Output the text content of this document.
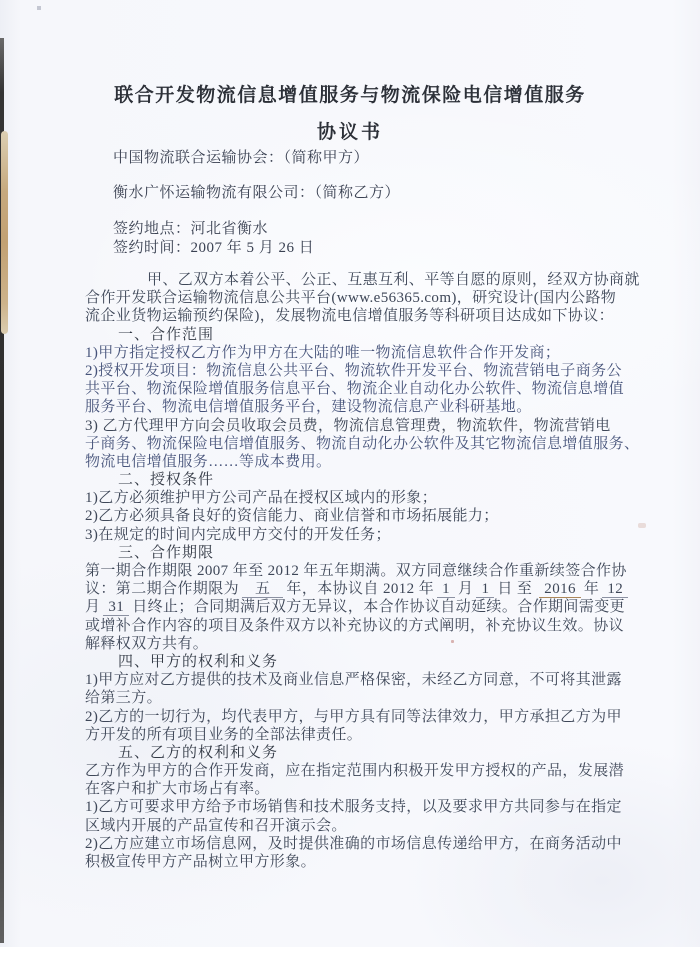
联合开发物流信息增值服务与物流保险电信增值服务
协议书
中国物流联合运输协会：（简称甲方）
衡水广怀运输物流有限公司：（简称乙方）
签约地点：河北省衡水
签约时间：2007 年 5 月 26 日
甲、乙双方本着公平、公正、互惠互利、平等自愿的原则，经双方协商就
合作开发联合运输物流信息公共平台(www.e56365.com)，研究设计(国内公路物
流企业货物运输预约保险)，发展物流电信增值服务等科研项目达成如下协议：
一、合作范围
1)甲方指定授权乙方作为甲方在大陆的唯一物流信息软件合作开发商；
2)授权开发项目：物流信息公共平台、物流软件开发平台、物流营销电子商务公
共平台、物流保险增值服务信息平台、物流企业自动化办公软件、物流信息增值
服务平台、物流电信增值服务平台，建设物流信息产业科研基地。
3) 乙方代理甲方向会员收取会员费，物流信息管理费，物流软件，物流营销电
子商务、物流保险电信增值服务、物流自动化办公软件及其它物流信息增值服务、
物流电信增值服务……等成本费用。
二、授权条件
1)乙方必须维护甲方公司产品在授权区域内的形象；
2)乙方必须具备良好的资信能力、商业信誉和市场拓展能力；
3)在规定的时间内完成甲方交付的开发任务；
三、合作期限
第一期合作期限 2007 年至 2012 年五年期满。双方同意继续合作重新续签合作协
议：第二期合作期限为 五 年，本协议自 2012 年 1 月 1 日 至 2016 年 12
月 31 日终止；合同期满后双方无异议，本合作协议自动延续。合作期间需变更
或增补合作内容的项目及条件双方以补充协议的方式阐明，补充协议生效。协议
解释权双方共有。
四、甲方的权利和义务
1)甲方应对乙方提供的技术及商业信息严格保密，未经乙方同意，不可将其泄露
给第三方。
2)乙方的一切行为，均代表甲方，与甲方具有同等法律效力，甲方承担乙方为甲
方开发的所有项目业务的全部法律责任。
五、乙方的权利和义务
乙方作为甲方的合作开发商，应在指定范围内积极开发甲方授权的产品，发展潜
在客户和扩大市场占有率。
1)乙方可要求甲方给予市场销售和技术服务支持，以及要求甲方共同参与在指定
区域内开展的产品宣传和召开演示会。
2)乙方应建立市场信息网，及时提供准确的市场信息传递给甲方，在商务活动中
积极宣传甲方产品树立甲方形象。
